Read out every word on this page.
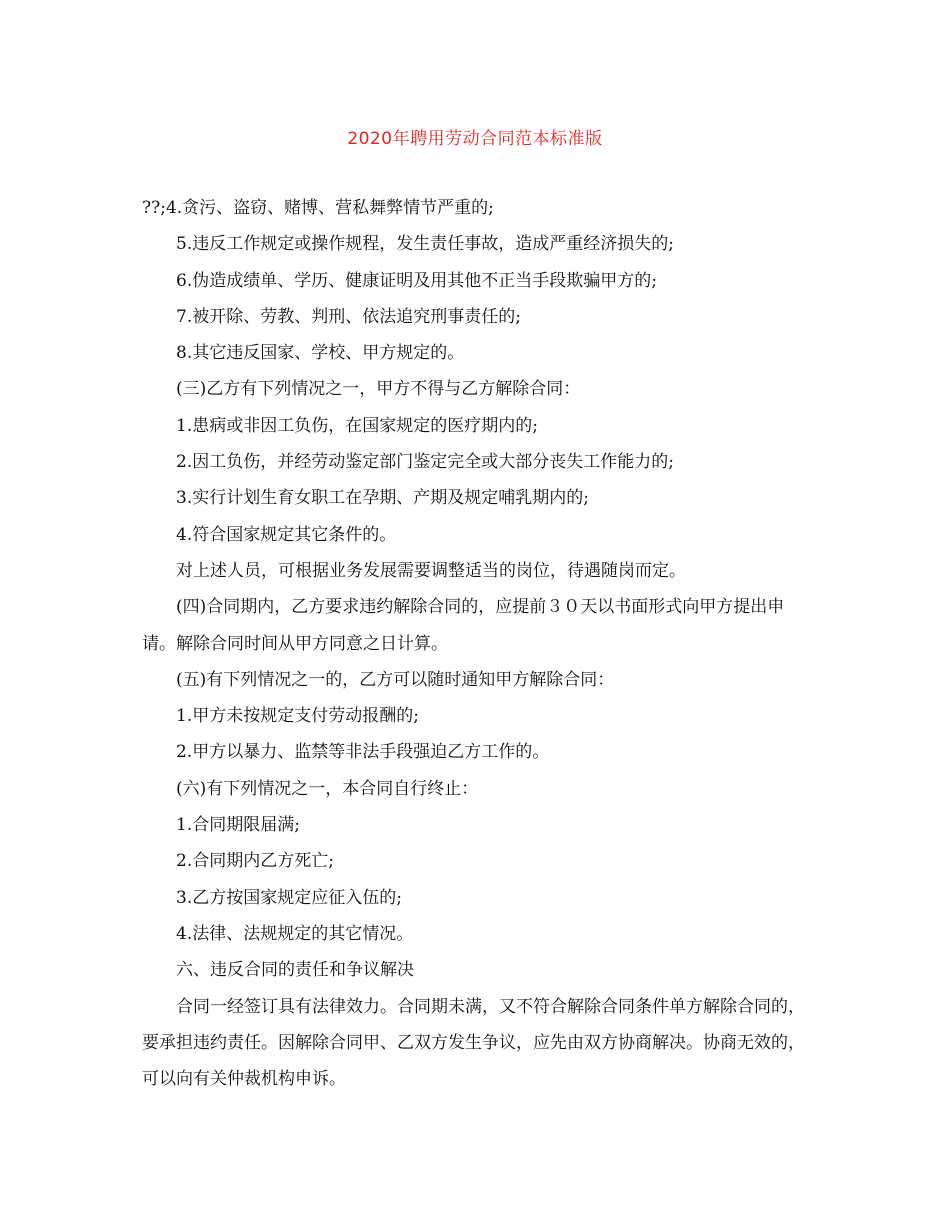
2020年聘用劳动合同范本标准版

??;4.贪污、盗窃、赌博、营私舞弊情节严重的;

5.违反工作规定或操作规程，发生责任事故，造成严重经济损失的;

6.伪造成绩单、学历、健康证明及用其他不正当手段欺骗甲方的;

7.被开除、劳教、判刑、依法追究刑事责任的;

8.其它违反国家、学校、甲方规定的。

(三)乙方有下列情况之一，甲方不得与乙方解除合同：

1.患病或非因工负伤，在国家规定的医疗期内的;

2.因工负伤，并经劳动鉴定部门鉴定完全或大部分丧失工作能力的;

3.实行计划生育女职工在孕期、产期及规定哺乳期内的;

4.符合国家规定其它条件的。

对上述人员，可根据业务发展需要调整适当的岗位，待遇随岗而定。

(四)合同期内，乙方要求违约解除合同的，应提前３０天以书面形式向甲方提出申请。解除合同时间从甲方同意之日计算。

(五)有下列情况之一的，乙方可以随时通知甲方解除合同：

1.甲方未按规定支付劳动报酬的;

2.甲方以暴力、监禁等非法手段强迫乙方工作的。

(六)有下列情况之一，本合同自行终止：

1.合同期限届满;

2.合同期内乙方死亡;

3.乙方按国家规定应征入伍的;

4.法律、法规规定的其它情况。

六、违反合同的责任和争议解决

合同一经签订具有法律效力。合同期未满，又不符合解除合同条件单方解除合同的，要承担违约责任。因解除合同甲、乙双方发生争议，应先由双方协商解决。协商无效的，可以向有关仲裁机构申诉。
